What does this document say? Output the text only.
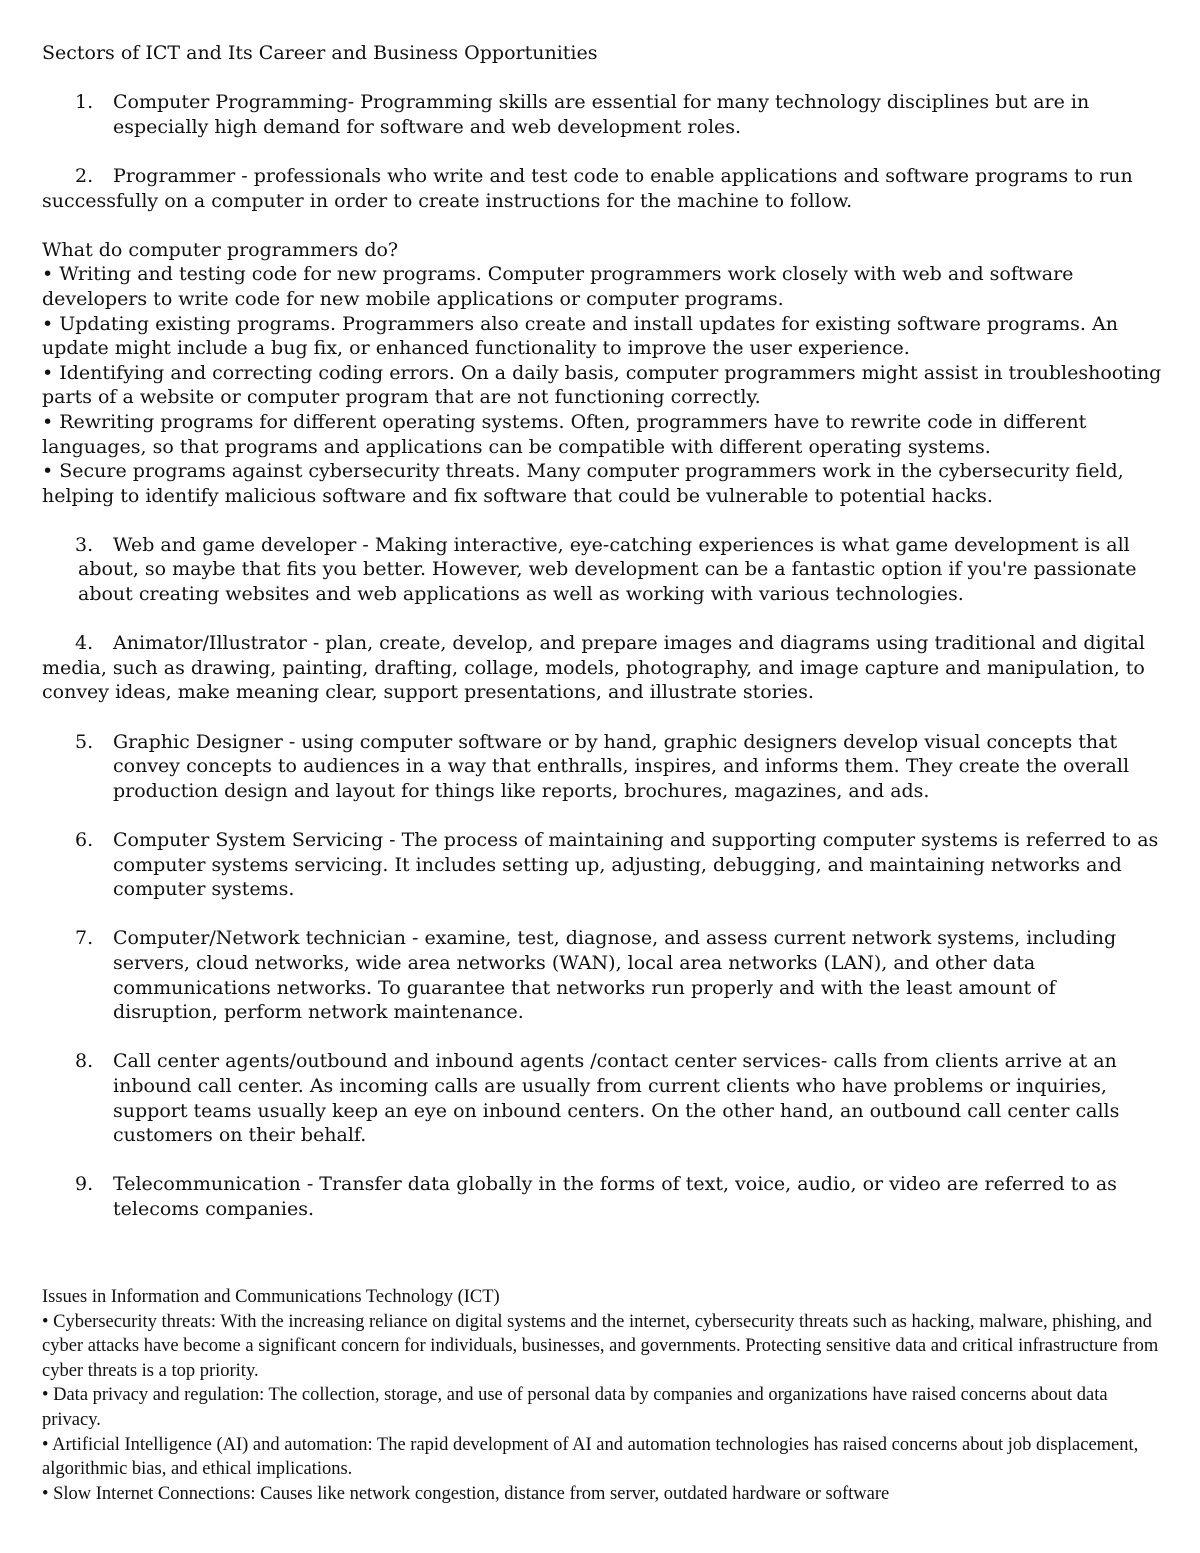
Sectors of ICT and Its Career and Business Opportunities
1. Computer Programming- Programming skills are essential for many technology disciplines but are in especially high demand for software and web development roles.
2. Programmer - professionals who write and test code to enable applications and software programs to run
successfully on a computer in order to create instructions for the machine to follow.
What do computer programmers do?
• Writing and testing code for new programs. Computer programmers work closely with web and software developers to write code for new mobile applications or computer programs.
• Updating existing programs. Programmers also create and install updates for existing software programs. An update might include a bug fix, or enhanced functionality to improve the user experience.
• Identifying and correcting coding errors. On a daily basis, computer programmers might assist in troubleshooting parts of a website or computer program that are not functioning correctly.
• Rewriting programs for different operating systems. Often, programmers have to rewrite code in different languages, so that programs and applications can be compatible with different operating systems.
• Secure programs against cybersecurity threats. Many computer programmers work in the cybersecurity field, helping to identify malicious software and fix software that could be vulnerable to potential hacks.
3. Web and game developer - Making interactive, eye-catching experiences is what game development is all about, so maybe that fits you better. However, web development can be a fantastic option if you're passionate about creating websites and web applications as well as working with various technologies.
4. Animator/Illustrator - plan, create, develop, and prepare images and diagrams using traditional and digital media, such as drawing, painting, drafting, collage, models, photography, and image capture and manipulation, to convey ideas, make meaning clear, support presentations, and illustrate stories.
5. Graphic Designer - using computer software or by hand, graphic designers develop visual concepts that convey concepts to audiences in a way that enthralls, inspires, and informs them. They create the overall production design and layout for things like reports, brochures, magazines, and ads.
6. Computer System Servicing - The process of maintaining and supporting computer systems is referred to as computer systems servicing. It includes setting up, adjusting, debugging, and maintaining networks and computer systems.
7. Computer/Network technician - examine, test, diagnose, and assess current network systems, including servers, cloud networks, wide area networks (WAN), local area networks (LAN), and other data communications networks. To guarantee that networks run properly and with the least amount of disruption, perform network maintenance.
8. Call center agents/outbound and inbound agents /contact center services- calls from clients arrive at an inbound call center. As incoming calls are usually from current clients who have problems or inquiries, support teams usually keep an eye on inbound centers. On the other hand, an outbound call center calls customers on their behalf.
9. Telecommunication - Transfer data globally in the forms of text, voice, audio, or video are referred to as telecoms companies.
Issues in Information and Communications Technology (ICT)
• Cybersecurity threats: With the increasing reliance on digital systems and the internet, cybersecurity threats such as hacking, malware, phishing, and cyber attacks have become a significant concern for individuals, businesses, and governments. Protecting sensitive data and critical infrastructure from cyber threats is a top priority.
• Data privacy and regulation: The collection, storage, and use of personal data by companies and organizations have raised concerns about data privacy.
• Artificial Intelligence (AI) and automation: The rapid development of AI and automation technologies has raised concerns about job displacement, algorithmic bias, and ethical implications.
• Slow Internet Connections: Causes like network congestion, distance from server, outdated hardware or software
